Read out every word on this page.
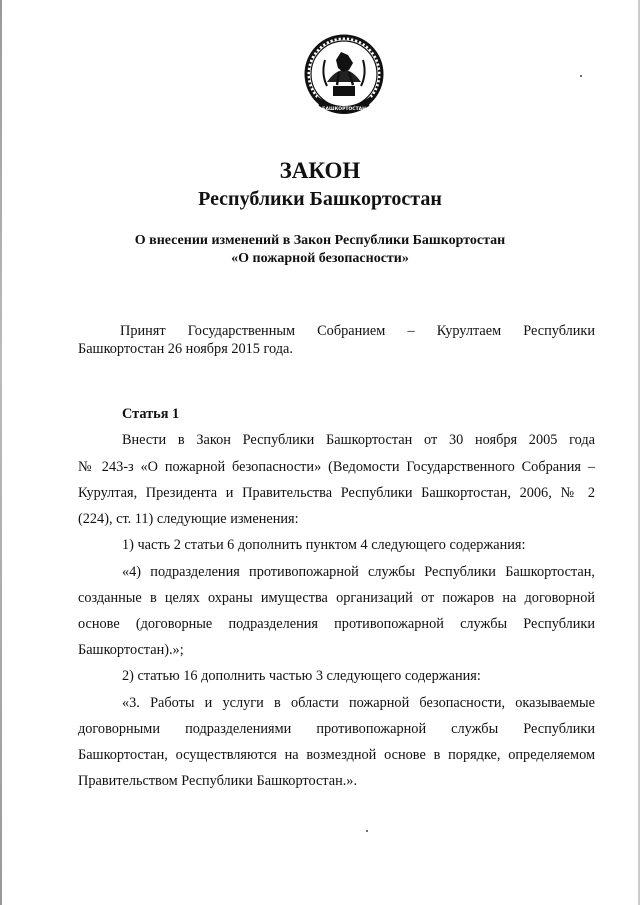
БАШКОРТОСТАН
ЗАКОН
Республики Башкортостан
О внесении изменений в Закон Республики Башкортостан
«О пожарной безопасности»
Принят Государственным Собранием – Курултаем Республики
Башкортостан 26 ноября 2015 года.
Статья 1
Внести в Закон Республики Башкортостан от 30 ноября 2005 года
№ 243-з «О пожарной безопасности» (Ведомости Государственного Собрания –
Курултая, Президента и Правительства Республики Башкортостан, 2006, № 2
(224), ст. 11) следующие изменения:
1) часть 2 статьи 6 дополнить пунктом 4 следующего содержания:
«4) подразделения противопожарной службы Республики Башкортостан,
созданные в целях охраны имущества организаций от пожаров на договорной
основе (договорные подразделения противопожарной службы Республики
Башкортостан).»;
2) статью 16 дополнить частью 3 следующего содержания:
«3. Работы и услуги в области пожарной безопасности, оказываемые
договорными подразделениями противопожарной службы Республики
Башкортостан, осуществляются на возмездной основе в порядке, определяемом
Правительством Республики Башкортостан.».
